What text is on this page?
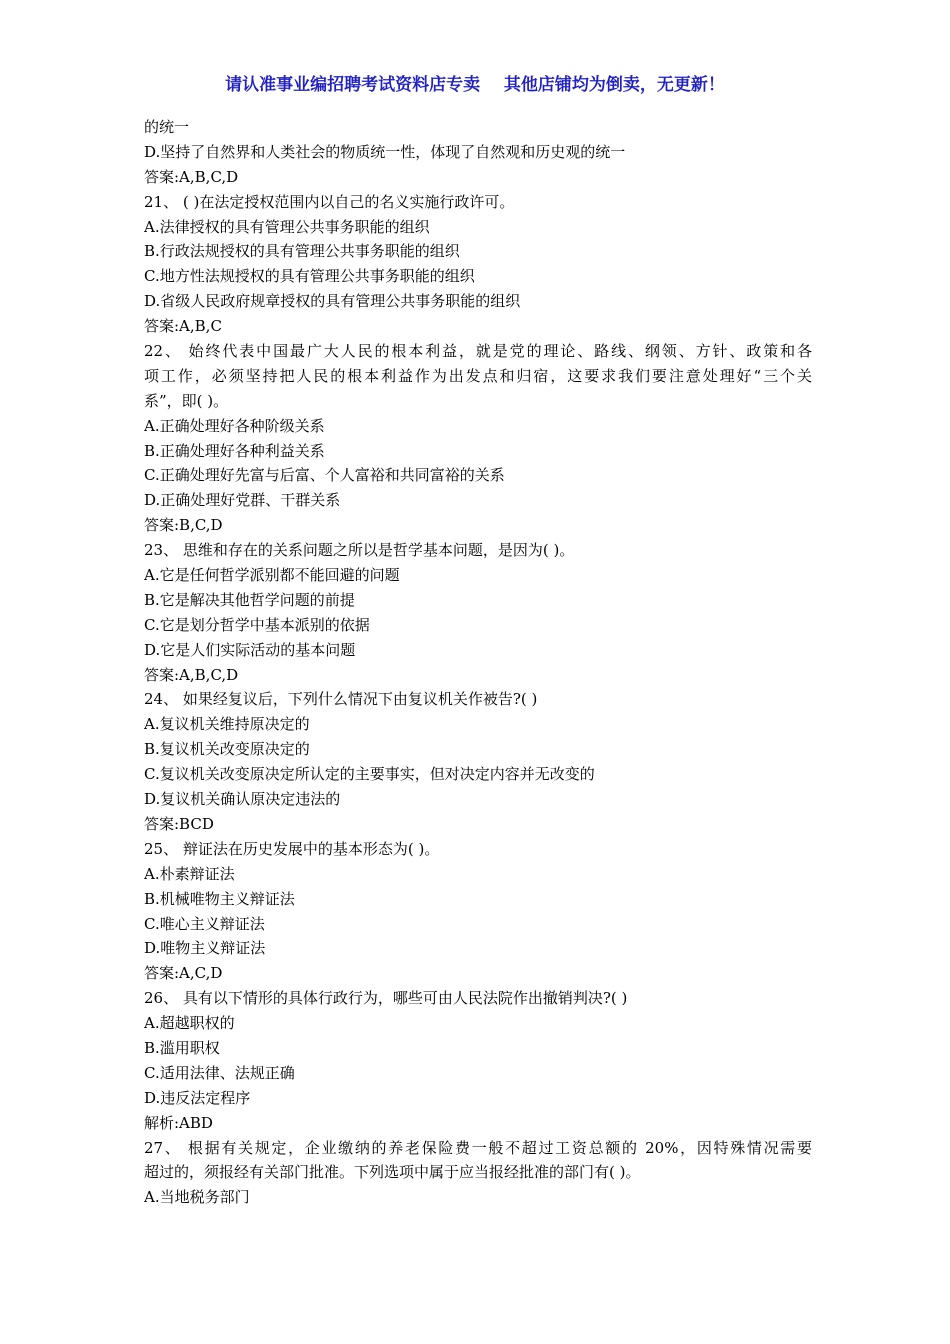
请认准事业编招聘考试资料店专卖    其他店铺均为倒卖，无更新！
的统一
D.坚持了自然界和人类社会的物质统一性，体现了自然观和历史观的统一
答案:A,B,C,D
21、 ( )在法定授权范围内以自己的名义实施行政许可。
A.法律授权的具有管理公共事务职能的组织
B.行政法规授权的具有管理公共事务职能的组织
C.地方性法规授权的具有管理公共事务职能的组织
D.省级人民政府规章授权的具有管理公共事务职能的组织
答案:A,B,C
22、 始终代表中国最广大人民的根本利益，就是党的理论、路线、纲领、方针、政策和各
项工作，必须坚持把人民的根本利益作为出发点和归宿，这要求我们要注意处理好“三个关
系”，即( )。
A.正确处理好各种阶级关系
B.正确处理好各种利益关系
C.正确处理好先富与后富、个人富裕和共同富裕的关系
D.正确处理好党群、干群关系
答案:B,C,D
23、 思维和存在的关系问题之所以是哲学基本问题，是因为( )。
A.它是任何哲学派别都不能回避的问题
B.它是解决其他哲学问题的前提
C.它是划分哲学中基本派别的依据
D.它是人们实际活动的基本问题
答案:A,B,C,D
24、 如果经复议后，下列什么情况下由复议机关作被告?( )
A.复议机关维持原决定的
B.复议机关改变原决定的
C.复议机关改变原决定所认定的主要事实，但对决定内容并无改变的
D.复议机关确认原决定违法的
答案:BCD
25、 辩证法在历史发展中的基本形态为( )。
A.朴素辩证法
B.机械唯物主义辩证法
C.唯心主义辩证法
D.唯物主义辩证法
答案:A,C,D
26、 具有以下情形的具体行政行为，哪些可由人民法院作出撤销判决?( )
A.超越职权的
B.滥用职权
C.适用法律、法规正确
D.违反法定程序
解析:ABD
27、 根据有关规定，企业缴纳的养老保险费一般不超过工资总额的 20%，因特殊情况需要
超过的，须报经有关部门批准。下列选项中属于应当报经批准的部门有( )。
A.当地税务部门
